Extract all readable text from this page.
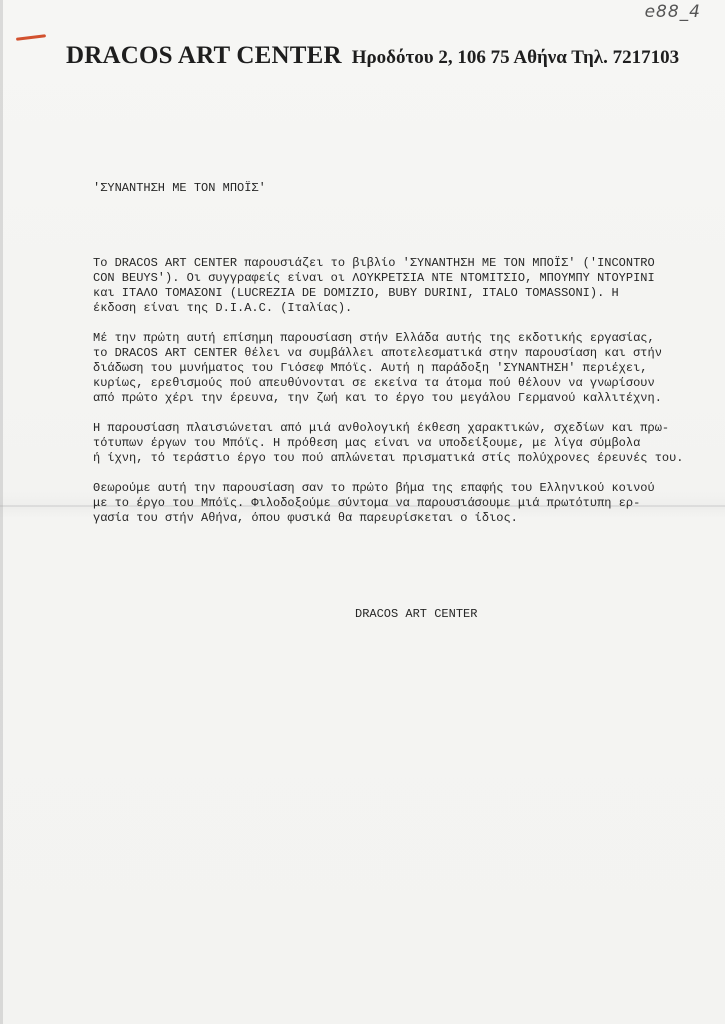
e88_4
DRACOS ART CENTER Ηροδότου 2, 106 75 Αθήνα Τηλ. 7217103
'ΣΥΝΑΝΤΗΣΗ ΜΕ ΤΟΝ ΜΠΟΪΣ'

Το DRACOS ART CENTER παρουσιάζει το βιβλίο 'ΣΥΝΑΝΤΗΣΗ ΜΕ ΤΟΝ ΜΠΟΪΣ' ('INCONTRO
CON BEUYS'). Οι συγγραφείς είναι οι ΛΟΥΚΡΕΤΣΙΑ ΝΤΕ ΝΤΟΜΙΤΣΙΟ, ΜΠΟΥΜΠΥ ΝΤΟΥΡΙΝΙ
και ΙΤΑΛΟ ΤΟΜΑΣΟΝΙ (LUCREZIA DE DOMIZIO, BUBY DURINI, ITALO TOMASSONI). Η
έκδοση είναι της D.I.A.C. (Ιταλίας).

Μέ την πρώτη αυτή επίσημη παρουσίαση στήν Ελλάδα αυτής της εκδοτικής εργασίας,
το DRACOS ART CENTER θέλει να συμβάλλει αποτελεσματικά στην παρουσίαση και στήν
διάδωση του μυνήματος του Γιόσεφ Μπόϊς. Αυτή η παράδοξη 'ΣΥΝΑΝΤΗΣΗ' περιέχει,
κυρίως, ερεθισμούς πού απευθύνονται σε εκείνα τα άτομα πού θέλουν να γνωρίσουν
από πρώτο χέρι την έρευνα, την ζωή και το έργο του μεγάλου Γερμανού καλλιτέχνη.

Η παρουσίαση πλαισιώνεται από μιά ανθολογική έκθεση χαρακτικών, σχεδίων και πρω-
τότυπων έργων του Μπόϊς. Η πρόθεση μας είναι να υποδείξουμε, με λίγα σύμβολα
ή ίχνη, τό τεράστιο έργο του πού απλώνεται πρισματικά στίς πολύχρονες έρευνές του.

Θεωρούμε αυτή την παρουσίαση σαν το πρώτο βήμα της επαφής του Ελληνικού κοινού
με το έργο του Μπόϊς. Φιλοδοξούμε σύντομα να παρουσιάσουμε μιά πρωτότυπη ερ-
γασία του στήν Αθήνα, όπου φυσικά θα παρευρίσκεται ο ίδιος.

DRACOS ART CENTER
